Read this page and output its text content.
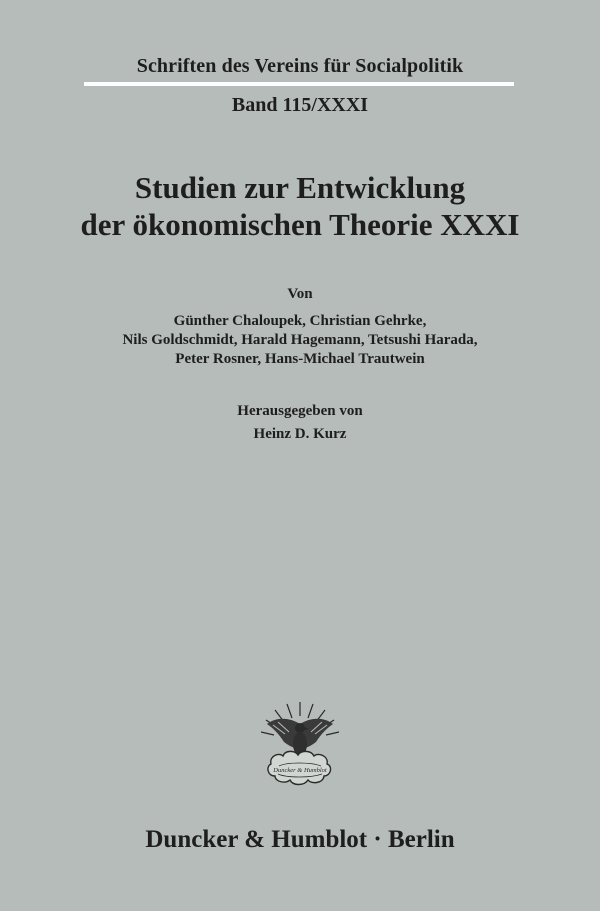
Schriften des Vereins für Socialpolitik
Band 115/XXXI
Studien zur Entwicklung
der ökonomischen Theorie XXXI
Von
Günther Chaloupek, Christian Gehrke,
Nils Goldschmidt, Harald Hagemann, Tetsushi Harada,
Peter Rosner, Hans-Michael Trautwein
Herausgegeben von
Heinz D. Kurz
Duncker & Humblot
Duncker & Humblot · Berlin
